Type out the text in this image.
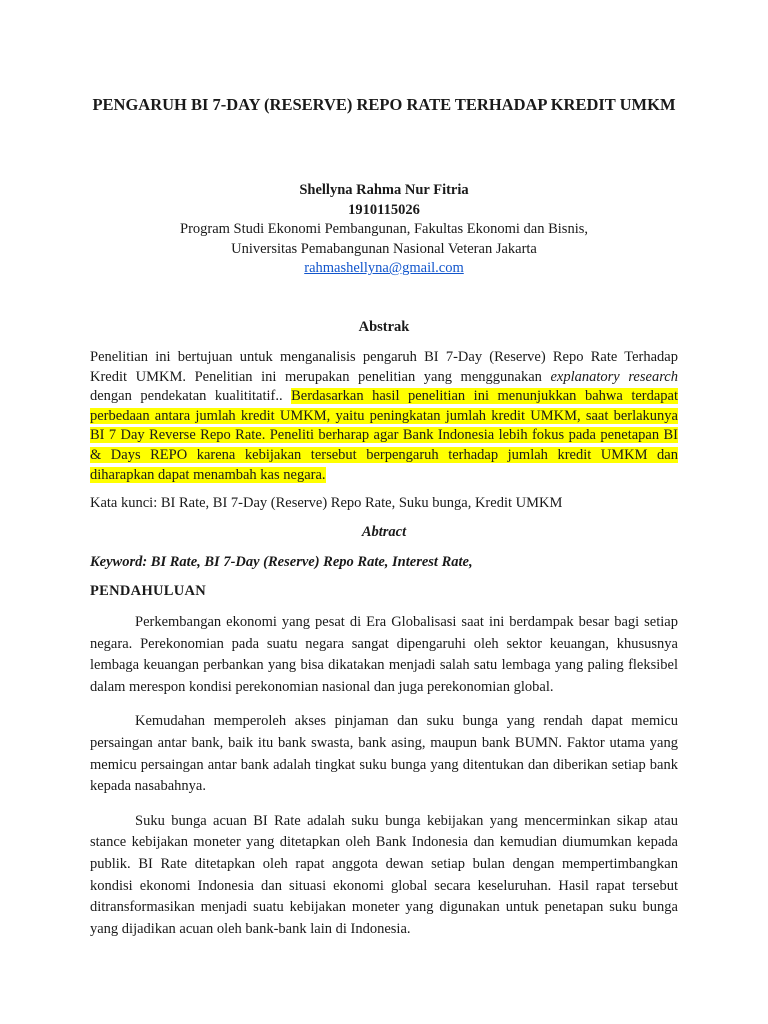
PENGARUH BI 7-DAY (RESERVE) REPO RATE TERHADAP KREDIT UMKM
Shellyna Rahma Nur Fitria
1910115026
Program Studi Ekonomi Pembangunan, Fakultas Ekonomi dan Bisnis,
Universitas Pemabangunan Nasional Veteran Jakarta
rahmashellyna@gmail.com
Abstrak

Penelitian ini bertujuan untuk menganalisis pengaruh BI 7-Day (Reserve) Repo Rate Terhadap Kredit UMKM. Penelitian ini merupakan penelitian yang menggunakan explanatory research dengan pendekatan kualititatif.. Berdasarkan hasil penelitian ini menunjukkan bahwa terdapat perbedaan antara jumlah kredit UMKM, yaitu peningkatan jumlah kredit UMKM, saat berlakunya BI 7 Day Reverse Repo Rate. Peneliti berharap agar Bank Indonesia lebih fokus pada penetapan BI & Days REPO karena kebijakan tersebut berpengaruh terhadap jumlah kredit UMKM dan diharapkan dapat menambah kas negara.

Kata kunci: BI Rate, BI 7-Day (Reserve) Repo Rate, Suku bunga, Kredit UMKM
Abtract
Keyword: BI Rate, BI 7-Day (Reserve) Repo Rate, Interest Rate,
PENDAHULUAN

Perkembangan ekonomi yang pesat di Era Globalisasi saat ini berdampak besar bagi setiap negara. Perekonomian pada suatu negara sangat dipengaruhi oleh sektor keuangan, khususnya lembaga keuangan perbankan yang bisa dikatakan menjadi salah satu lembaga yang paling fleksibel dalam merespon kondisi perekonomian nasional dan juga perekonomian global.

Kemudahan memperoleh akses pinjaman dan suku bunga yang rendah dapat memicu persaingan antar bank, baik itu bank swasta, bank asing, maupun bank BUMN. Faktor utama yang memicu persaingan antar bank adalah tingkat suku bunga yang ditentukan dan diberikan setiap bank kepada nasabahnya.

Suku bunga acuan BI Rate adalah suku bunga kebijakan yang mencerminkan sikap atau stance kebijakan moneter yang ditetapkan oleh Bank Indonesia dan kemudian diumumkan kepada publik. BI Rate ditetapkan oleh rapat anggota dewan setiap bulan dengan mempertimbangkan kondisi ekonomi Indonesia dan situasi ekonomi global secara keseluruhan. Hasil rapat tersebut ditransformasikan menjadi suatu kebijakan moneter yang digunakan untuk penetapan suku bunga yang dijadikan acuan oleh bank-bank lain di Indonesia.
